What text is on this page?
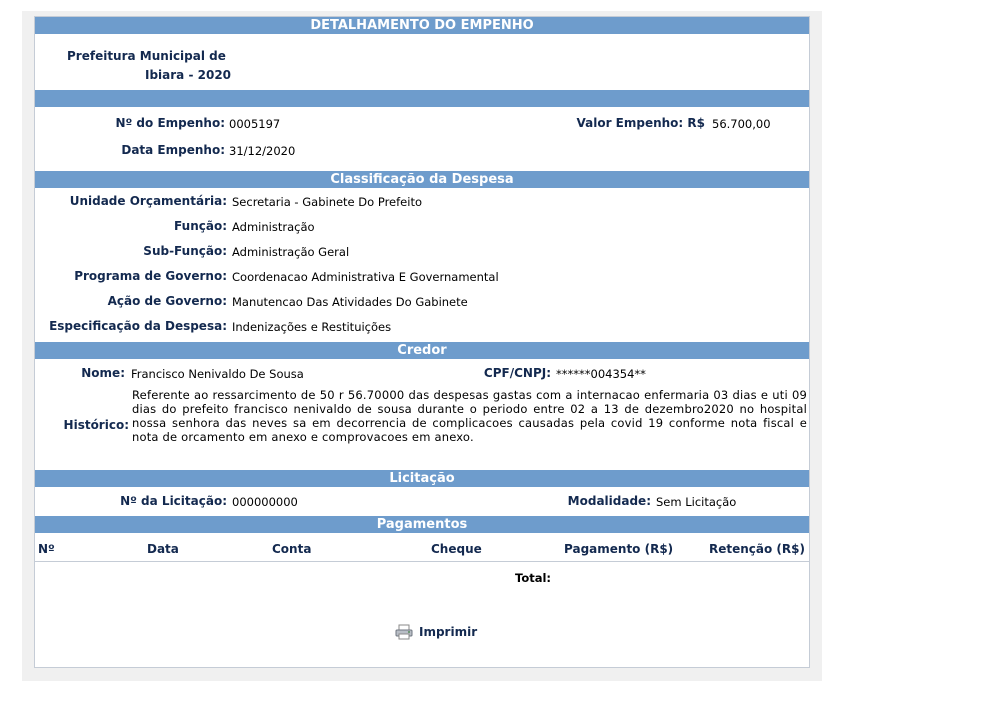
DETALHAMENTO DO EMPENHO
Prefeitura Municipal de
Ibiara - 2020
Nº do Empenho: 0005197	Valor Empenho: R$ 56.700,00
Data Empenho: 31/12/2020
Classificação da Despesa
Unidade Orçamentária: Secretaria - Gabinete Do Prefeito
Função: Administração
Sub-Função: Administração Geral
Programa de Governo: Coordenacao Administrativa E Governamental
Ação de Governo: Manutencao Das Atividades Do Gabinete
Especificação da Despesa: Indenizações e Restituições
Credor
Nome: Francisco Nenivaldo De Sousa	CPF/CNPJ: ******004354**
Histórico:
Referente ao ressarcimento de 50 r 56.70000 das despesas gastas com a internacao enfermaria 03 dias e uti 09 dias do prefeito francisco nenivaldo de sousa durante o periodo entre 02 a 13 de dezembro2020 no hospital nossa senhora das neves sa em decorrencia de complicacoes causadas pela covid 19 conforme nota fiscal e nota de orcamento em anexo e comprovacoes em anexo.
Licitação
Nº da Licitação: 000000000	Modalidade: Sem Licitação
Pagamentos
Nº	Data	Conta	Cheque	Pagamento (R$)	Retenção (R$)
Total:
Imprimir
